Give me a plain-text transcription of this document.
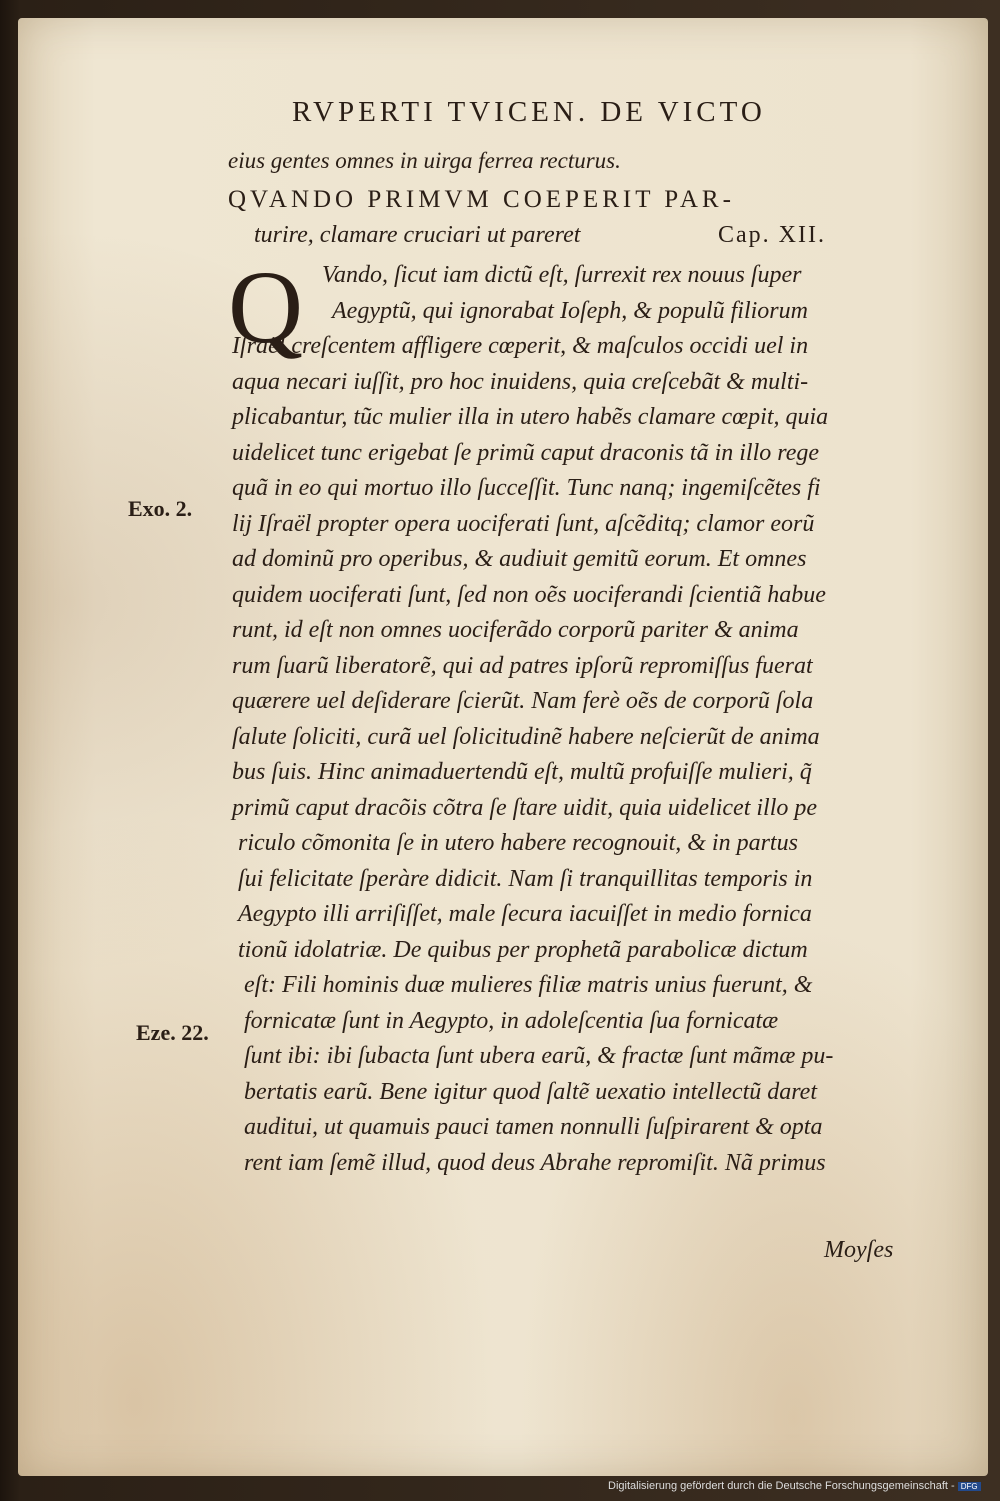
RVPERTI TVICEN. DE VICTO
eius gentes omnes in uirga ferrea recturus.
QVANDO PRIMVM COEPERIT PAR-
turire, clamare cruciari ut pareret	Cap. XII.
Q Vando, ſicut iam dictũ eſt, ſurrexit rex nouus ſuper
Aegyptũ, qui ignorabat Ioſeph, & populũ filiorum
Iſraël creſcentem affligere cœperit, & maſculos occidi uel in
aqua necari iuſſit, pro hoc inuidens, quia creſcebãt & multi-
plicabantur, tũc mulier illa in utero habẽs clamare cœpit, quia
uidelicet tunc erigebat ſe primũ caput draconis tã in illo rege
quã in eo qui mortuo illo ſucceſſit. Tunc nanq; ingemiſcẽtes fi
lij Iſraël propter opera uociferati ſunt, aſcẽditq; clamor eorũ
ad dominũ pro operibus, & audiuit gemitũ eorum. Et omnes
quidem uociferati ſunt, ſed non oẽs uociferandi ſcientiã habue
runt, id eſt non omnes uociferãdo corporũ pariter & anima
rum ſuarũ liberatorẽ, qui ad patres ipſorũ repromiſſus fuerat
quærere uel deſiderare ſcierũt. Nam ferè oẽs de corporũ ſola
ſalute ſoliciti, curã uel ſolicitudinẽ habere neſcierũt de anima
bus ſuis. Hinc animaduertendũ eſt, multũ profuiſſe mulieri, q̃
primũ caput dracõis cõtra ſe ſtare uidit, quia uidelicet illo pe
riculo cõmonita ſe in utero habere recognouit, & in partus
ſui felicitate ſperàre didicit. Nam ſi tranquillitas temporis in
Aegypto illi arriſiſſet, male ſecura iacuiſſet in medio fornica
tionũ idolatriæ. De quibus per prophetã parabolicæ dictum
eſt: Fili hominis duæ mulieres filiæ matris unius fuerunt, &
fornicatæ ſunt in Aegypto, in adoleſcentia ſua fornicatæ
ſunt ibi: ibi ſubacta ſunt ubera earũ, & fractæ ſunt mãmæ pu-
bertatis earũ. Bene igitur quod ſaltẽ uexatio intellectũ daret
auditui, ut quamuis pauci tamen nonnulli ſuſpirarent & opta
rent iam ſemẽ illud, quod deus Abrahe repromiſit. Nã primus
Moyſes
Exo. 2.
Eze. 22.
Digitalisierung gefördert durch die Deutsche Forschungsgemeinschaft - DFG
